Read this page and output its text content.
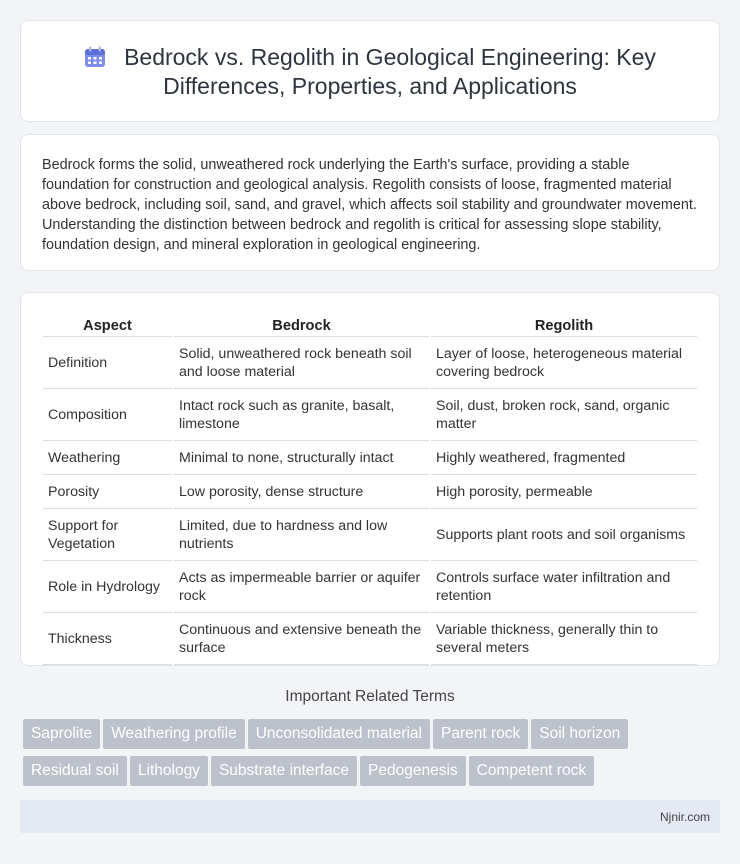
Bedrock vs. Regolith in Geological Engineering: Key Differences, Properties, and Applications

Bedrock forms the solid, unweathered rock underlying the Earth's surface, providing a stable foundation for construction and geological analysis. Regolith consists of loose, fragmented material above bedrock, including soil, sand, and gravel, which affects soil stability and groundwater movement. Understanding the distinction between bedrock and regolith is critical for assessing slope stability, foundation design, and mineral exploration in geological engineering.

Aspect	Bedrock	Regolith
Definition	Solid, unweathered rock beneath soil and loose material	Layer of loose, heterogeneous material covering bedrock
Composition	Intact rock such as granite, basalt, limestone	Soil, dust, broken rock, sand, organic matter
Weathering	Minimal to none, structurally intact	Highly weathered, fragmented
Porosity	Low porosity, dense structure	High porosity, permeable
Support for Vegetation	Limited, due to hardness and low nutrients	Supports plant roots and soil organisms
Role in Hydrology	Acts as impermeable barrier or aquifer rock	Controls surface water infiltration and retention
Thickness	Continuous and extensive beneath the surface	Variable thickness, generally thin to several meters
Important Related Terms
Saprolite Weathering profile Unconsolidated material Parent rock Soil horizon
Residual soil Lithology Substrate interface Pedogenesis Competent rock
Njnir.com
